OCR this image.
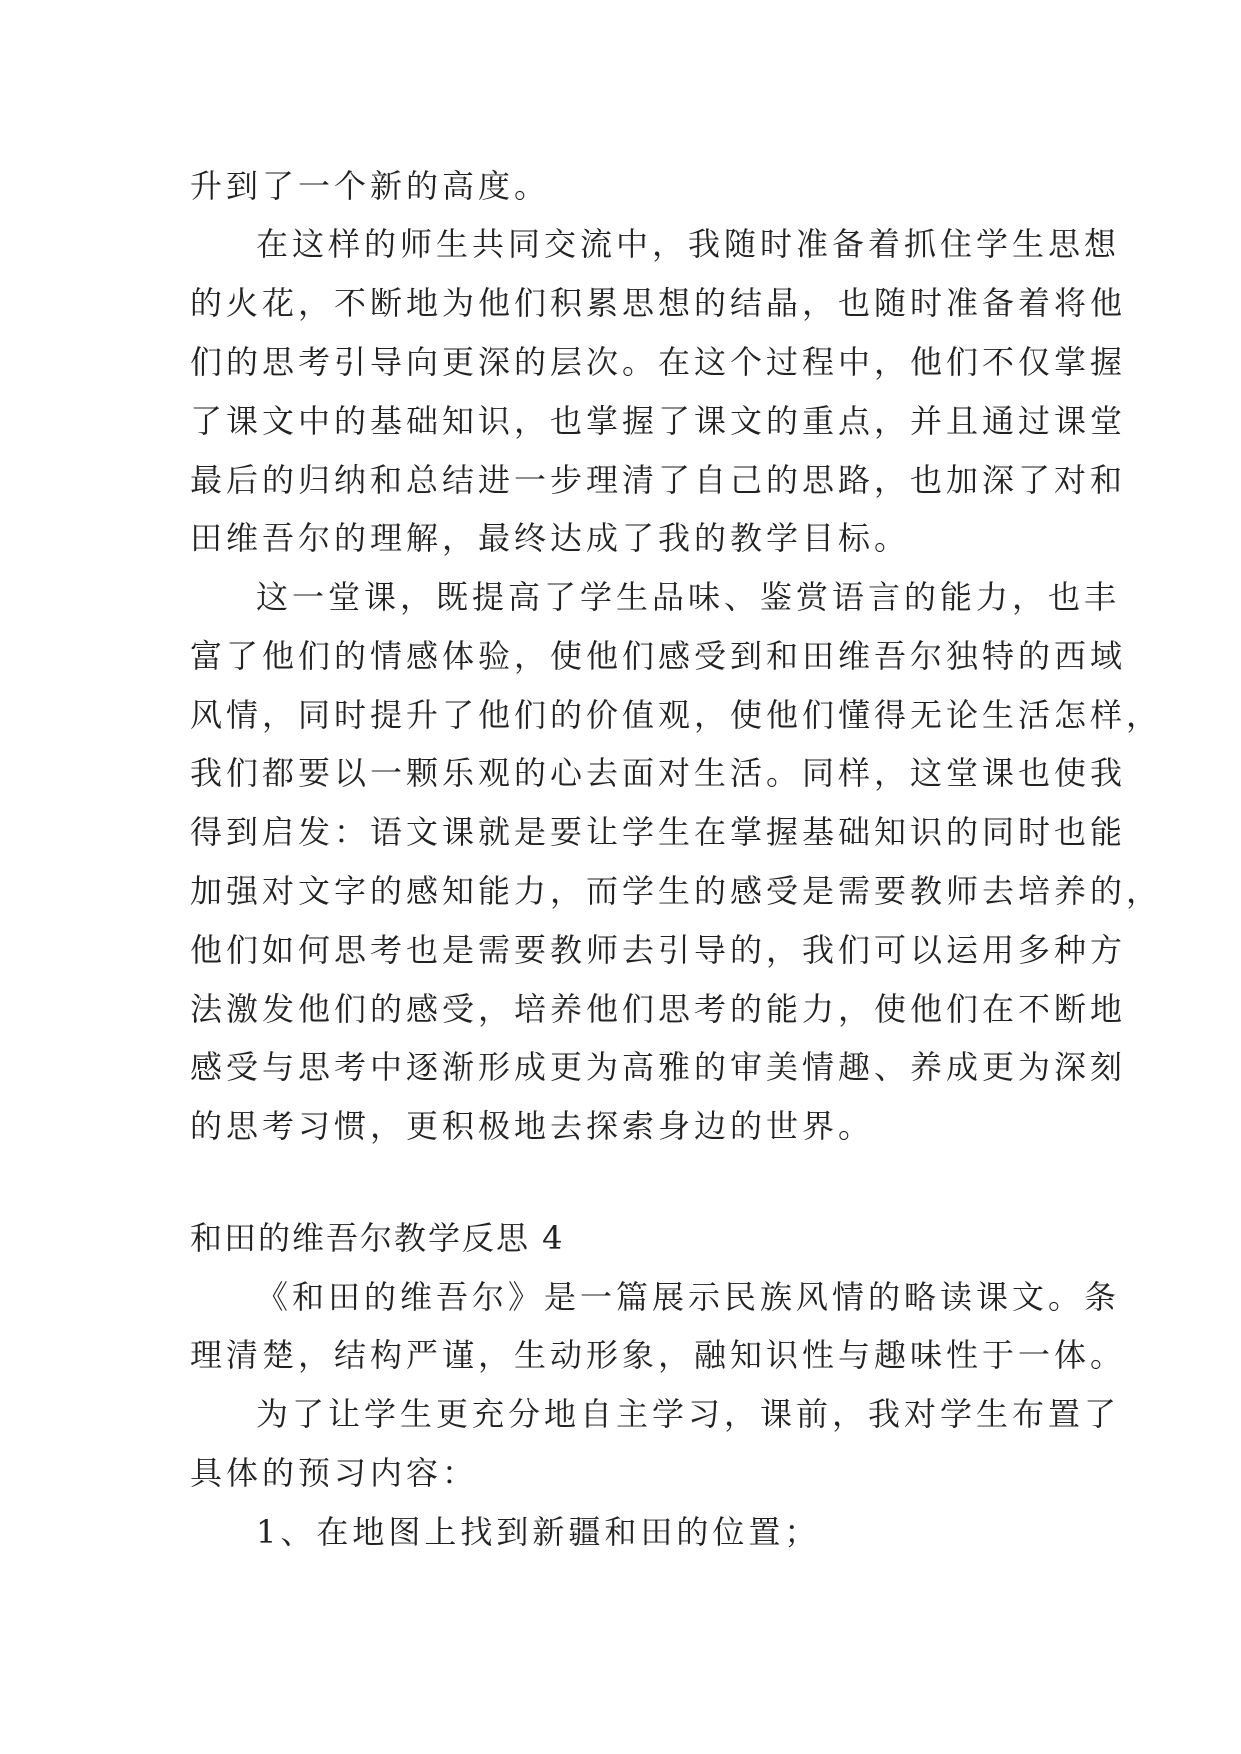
升到了一个新的高度。
在这样的师生共同交流中，我随时准备着抓住学生思想
的火花，不断地为他们积累思想的结晶，也随时准备着将他
们的思考引导向更深的层次。在这个过程中，他们不仅掌握
了课文中的基础知识，也掌握了课文的重点，并且通过课堂
最后的归纳和总结进一步理清了自己的思路，也加深了对和
田维吾尔的理解，最终达成了我的教学目标。
这一堂课，既提高了学生品味、鉴赏语言的能力，也丰
富了他们的情感体验，使他们感受到和田维吾尔独特的西域
风情，同时提升了他们的价值观，使他们懂得无论生活怎样，
我们都要以一颗乐观的心去面对生活。同样，这堂课也使我
得到启发：语文课就是要让学生在掌握基础知识的同时也能
加强对文字的感知能力，而学生的感受是需要教师去培养的，
他们如何思考也是需要教师去引导的，我们可以运用多种方
法激发他们的感受，培养他们思考的能力，使他们在不断地
感受与思考中逐渐形成更为高雅的审美情趣、养成更为深刻
的思考习惯，更积极地去探索身边的世界。
和田的维吾尔教学反思 4
《和田的维吾尔》是一篇展示民族风情的略读课文。条
理清楚，结构严谨，生动形象，融知识性与趣味性于一体。
为了让学生更充分地自主学习，课前，我对学生布置了
具体的预习内容：
1、在地图上找到新疆和田的位置；
